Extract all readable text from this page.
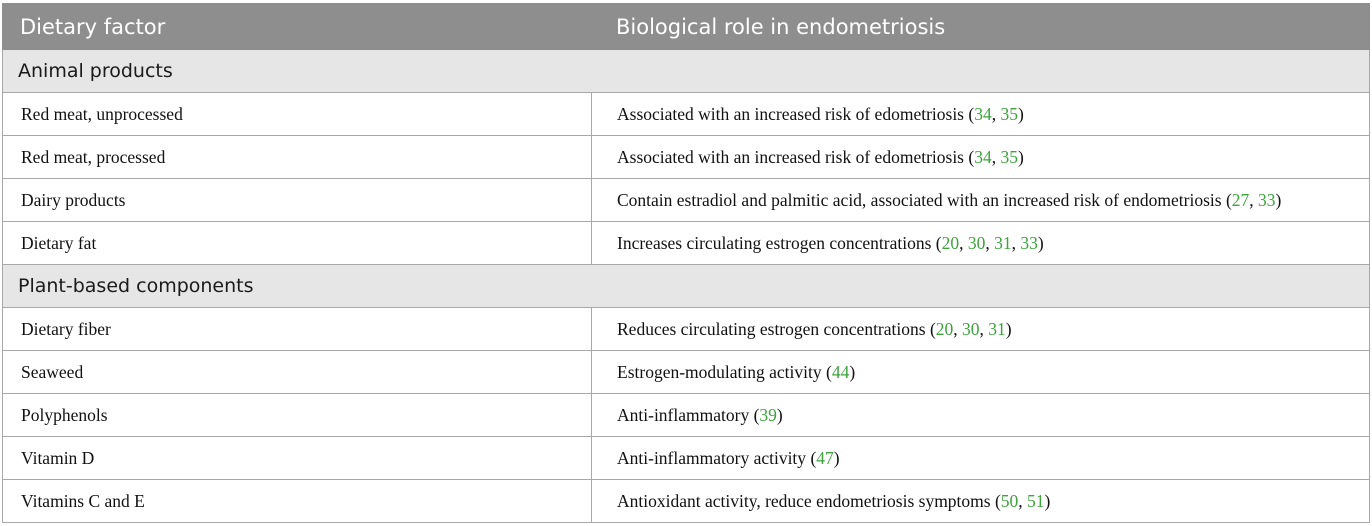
Dietary factor	Biological role in endometriosis
Animal products	
Red meat, unprocessed	Associated with an increased risk of edometriosis (34, 35)
Red meat, processed	Associated with an increased risk of edometriosis (34, 35)
Dairy products	Contain estradiol and palmitic acid, associated with an increased risk of endometriosis (27, 33)
Dietary fat	Increases circulating estrogen concentrations (20, 30, 31, 33)
Plant-based components	
Dietary fiber	Reduces circulating estrogen concentrations (20, 30, 31)
Seaweed	Estrogen-modulating activity (44)
Polyphenols	Anti-inflammatory (39)
Vitamin D	Anti-inflammatory activity (47)
Vitamins C and E	Antioxidant activity, reduce endometriosis symptoms (50, 51)
